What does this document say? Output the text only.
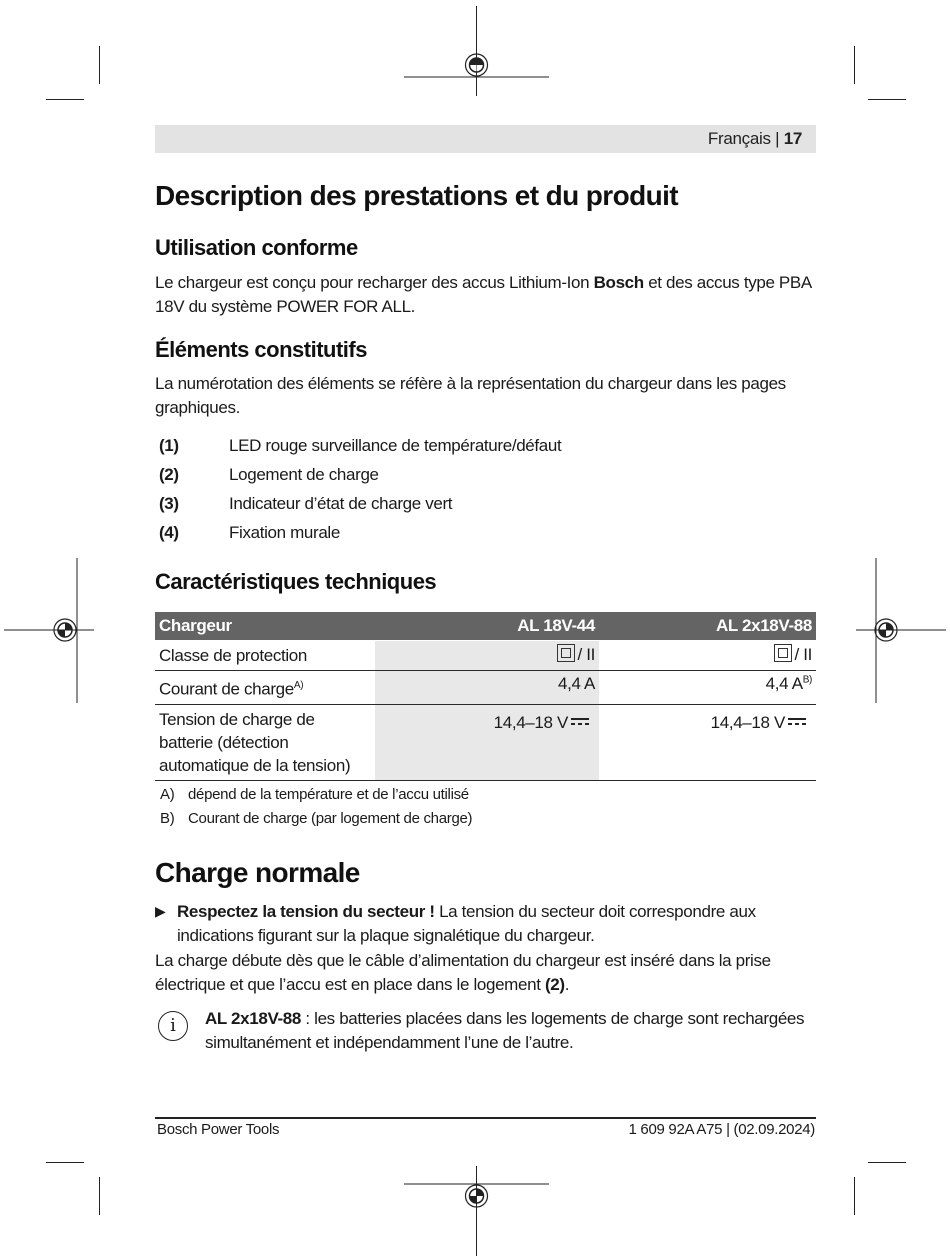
Français | 17
Description des prestations et du produit
Utilisation conforme

Le chargeur est conçu pour recharger des accus Lithium-Ion Bosch et des accus type PBA 18V du système POWER FOR ALL.

Éléments constitutifs

La numérotation des éléments se réfère à la représentation du chargeur dans les pages graphiques.

(1)	LED rouge surveillance de température/défaut
(2)	Logement de charge
(3)	Indicateur d’état de charge vert
(4)	Fixation murale
Caractéristiques techniques
Chargeur	AL 18V-44	AL 2x18V-88
Classe de protection	/ II	/ II
Courant de charge$^{A)}$	4,4 A	4,4 $A^{B)}$
Tension de charge de batterie (détection automatique de la tension)	14,4–18 V	14,4–18 V
A) dépend de la température et de l’accu utilisé
B) Courant de charge (par logement de charge)
Charge normale
▶ Respectez la tension du secteur ! La tension du secteur doit correspondre aux indications figurant sur la plaque signalétique du chargeur.

La charge débute dès que le câble d’alimentation du chargeur est inséré dans la prise électrique et que l’accu est en place dans le logement (2).

i	AL 2x18V-88 : les batteries placées dans les logements de charge sont rechargées simultanément et indépendamment l’une de l’autre.

Bosch Power Tools	1 609 92A A75 | (02.09.2024)
